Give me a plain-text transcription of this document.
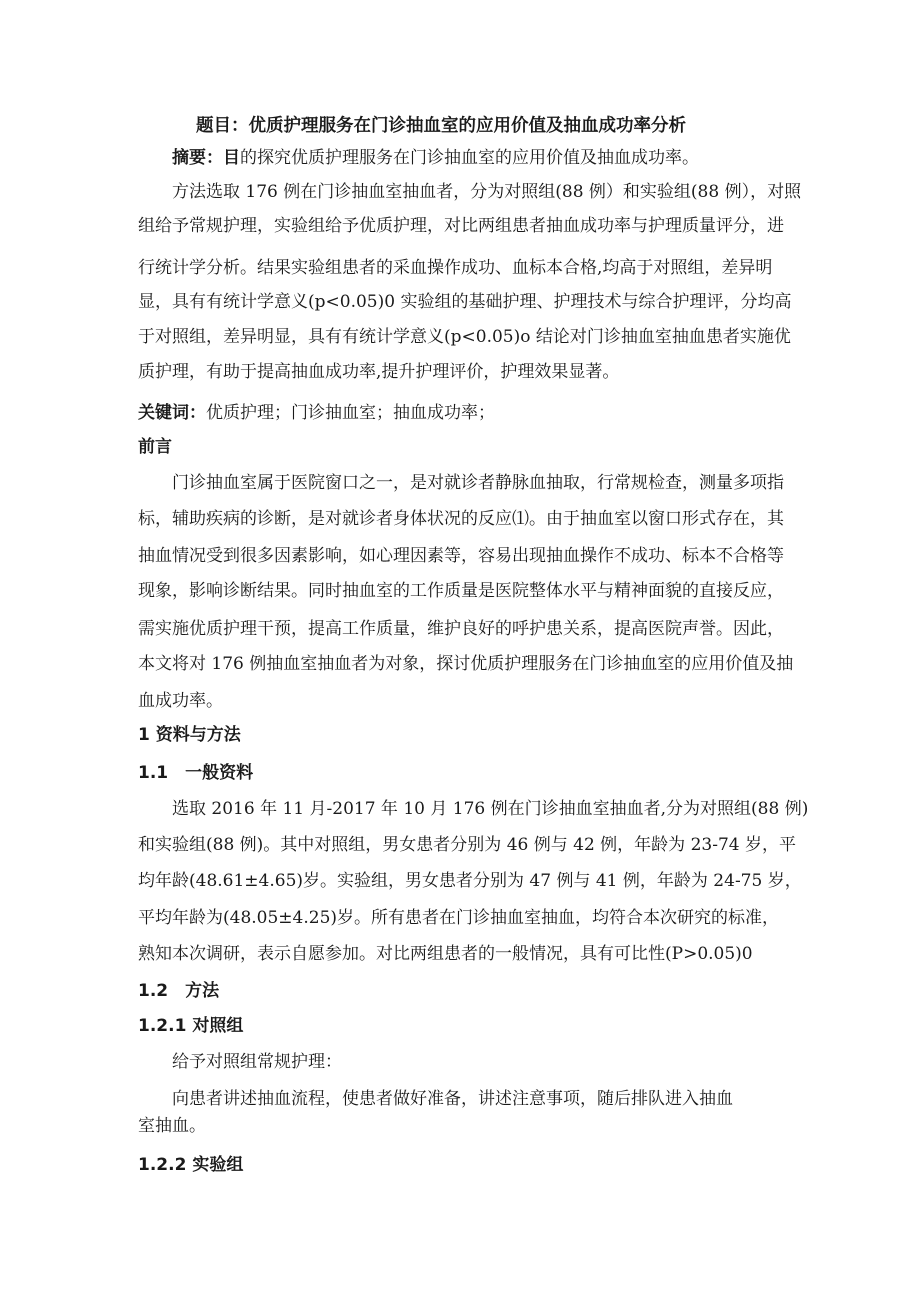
题目：优质护理服务在门诊抽血室的应用价值及抽血成功率分析
摘要：目的探究优质护理服务在门诊抽血室的应用价值及抽血成功率。
方法选取 176 例在门诊抽血室抽血者，分为对照组(88 例）和实验组(88 例），对照
组给予常规护理，实验组给予优质护理，对比两组患者抽血成功率与护理质量评分，进
行统计学分析。结果实验组患者的采血操作成功、血标本合格,均高于对照组，差异明
显，具有有统计学意义(p<0.05)0 实验组的基础护理、护理技术与综合护理评，分均高
于对照组，差异明显，具有有统计学意义(p<0.05)o 结论对门诊抽血室抽血患者实施优
质护理，有助于提高抽血成功率,提升护理评价，护理效果显著。
关键词：优质护理；门诊抽血室；抽血成功率；
前言
门诊抽血室属于医院窗口之一，是对就诊者静脉血抽取，行常规检查，测量多项指
标，辅助疾病的诊断，是对就诊者身体状况的反应⑴。由于抽血室以窗口形式存在，其
抽血情况受到很多因素影响，如心理因素等，容易出现抽血操作不成功、标本不合格等
现象，影响诊断结果。同时抽血室的工作质量是医院整体水平与精神面貌的直接反应，
需实施优质护理干预，提高工作质量，维护良好的呼护患关系，提高医院声誉。因此，
本文将对 176 例抽血室抽血者为对象，探讨优质护理服务在门诊抽血室的应用价值及抽
血成功率。
1 资料与方法
1.1　一般资料
选取 2016 年 11 月-2017 年 10 月 176 例在门诊抽血室抽血者,分为对照组(88 例)
和实验组(88 例)。其中对照组，男女患者分别为 46 例与 42 例，年龄为 23-74 岁，平
均年龄(48.61±4.65)岁。实验组，男女患者分别为 47 例与 41 例，年龄为 24-75 岁，
平均年龄为(48.05±4.25)岁。所有患者在门诊抽血室抽血，均符合本次研究的标准，
熟知本次调研，表示自愿参加。对比两组患者的一般情况，具有可比性(P>0.05)0
1.2　方法
1.2.1 对照组
给予对照组常规护理：
向患者讲述抽血流程，使患者做好准备，讲述注意事项，随后排队进入抽血
室抽血。
1.2.2 实验组
